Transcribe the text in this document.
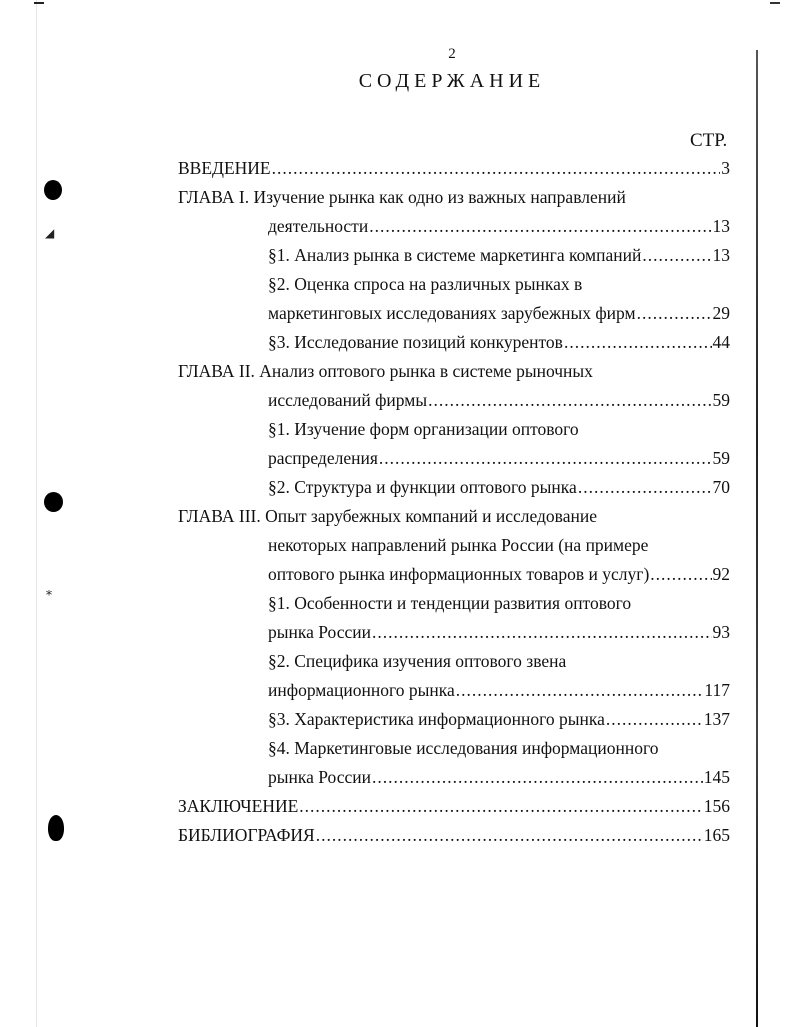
◢
⁎
2
СОДЕРЖАНИЕ
СТР.
ВВЕДЕНИЕ .....	3
ГЛАВА I. Изучение рынка как одно из важных направлений
деятельности .....	13
§1. Анализ рынка в системе маркетинга компаний .....	13
§2. Оценка спроса на различных рынках в
маркетинговых исследованиях зарубежных фирм .....	29
§3. Исследование позиций конкурентов .....	44
ГЛАВА II. Анализ оптового рынка в системе рыночных
исследований фирмы .....	59
§1. Изучение форм организации оптового
распределения .....	59
§2. Структура и функции оптового рынка .....	70
ГЛАВА III. Опыт зарубежных компаний и исследование
некоторых направлений рынка России (на примере
оптового рынка информационных товаров и услуг) .....	92
§1. Особенности и тенденции развития оптового
рынка России .....	93
§2. Специфика изучения оптового звена
информационного рынка .....	117
§3. Характеристика информационного рынка .....	137
§4. Маркетинговые исследования информационного
рынка России .....	145
ЗАКЛЮЧЕНИЕ .....	156
БИБЛИОГРАФИЯ .....	165
